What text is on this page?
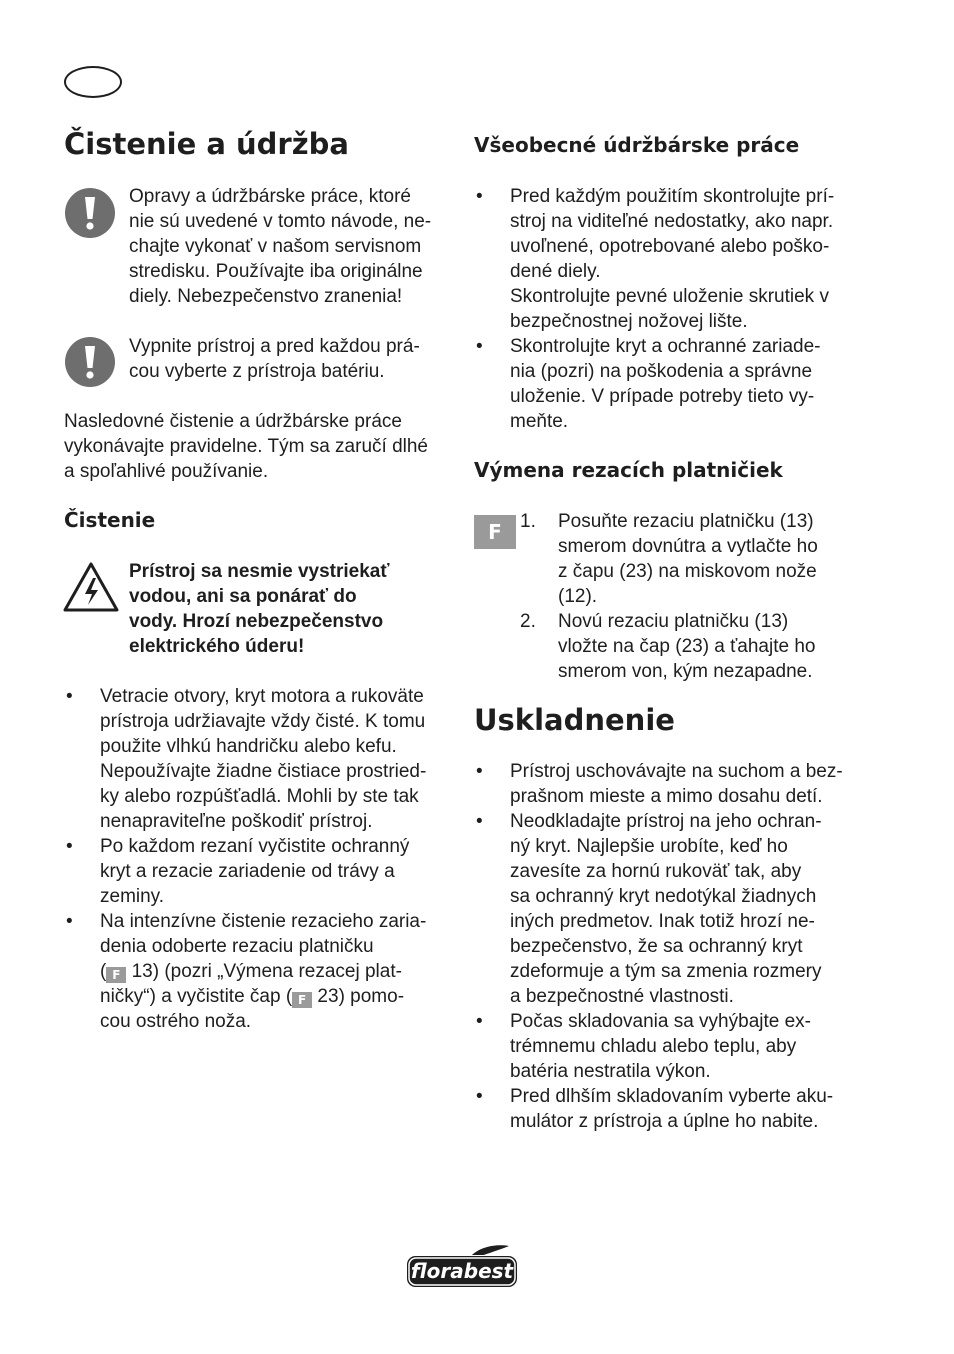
Čistenie a údržba
Opravy a údržbárske práce, ktoré
nie sú uvedené v tomto návode, ne-
chajte vykonať v našom servisnom
stredisku. Používajte iba originálne
diely. Nebezpečenstvo zranenia!
Vypnite prístroj a pred každou prá-
cou vyberte z prístroja batériu.
Nasledovné čistenie a údržbárske práce
vykonávajte pravidelne. Tým sa zaručí dlhé
a spoľahlivé používanie.
Čistenie
Prístroj sa nesmie vystriekať
vodou, ani sa ponárať do
vody. Hrozí nebezpečenstvo
elektrického úderu!
• Vetracie otvory, kryt motora a rukoväte
prístroja udržiavajte vždy čisté. K tomu
použite vlhkú handričku alebo kefu.
Nepoužívajte žiadne čistiace prostried-
ky alebo rozpúšťadlá. Mohli by ste tak
nenapraviteľne poškodiť prístroj.
• Po každom rezaní vyčistite ochranný
kryt a rezacie zariadenie od trávy a
zeminy.
• Na intenzívne čistenie rezacieho zaria-
denia odoberte rezaciu platničku
( F 13) (pozri „Výmena rezacej plat-
ničky“) a vyčistite čap ( F 23) pomo-
cou ostrého noža.
Všeobecné údržbárske práce
• Pred každým použitím skontrolujte prí-
stroj na viditeľné nedostatky, ako napr.
uvoľnené, opotrebované alebo poško-
dené diely.
Skontrolujte pevné uloženie skrutiek v
bezpečnostnej nožovej lište.
• Skontrolujte kryt a ochranné zariade-
nia (pozri) na poškodenia a správne
uloženie. V prípade potreby tieto vy-
meňte.
Výmena rezacích platničiek
F 1. Posuňte rezaciu platničku (13)
smerom dovnútra a vytlačte ho
z čapu (23) na miskovom nože
(12).
2. Novú rezaciu platničku (13)
vložte na čap (23) a ťahajte ho
smerom von, kým nezapadne.
Uskladnenie
• Prístroj uschovávajte na suchom a bez-
prašnom mieste a mimo dosahu detí.
• Neodkladajte prístroj na jeho ochran-
ný kryt. Najlepšie urobíte, keď ho
zavesíte za hornú rukoväť tak, aby
sa ochranný kryt nedotýkal žiadnych
iných predmetov. Inak totiž hrozí ne-
bezpečenstvo, že sa ochranný kryt
zdeformuje a tým sa zmenia rozmery
a bezpečnostné vlastnosti.
• Počas skladovania sa vyhýbajte ex-
trémnemu chladu alebo teplu, aby
batéria nestratila výkon.
• Pred dlhším skladovaním vyberte aku-
mulátor z prístroja a úplne ho nabite.
florabest
